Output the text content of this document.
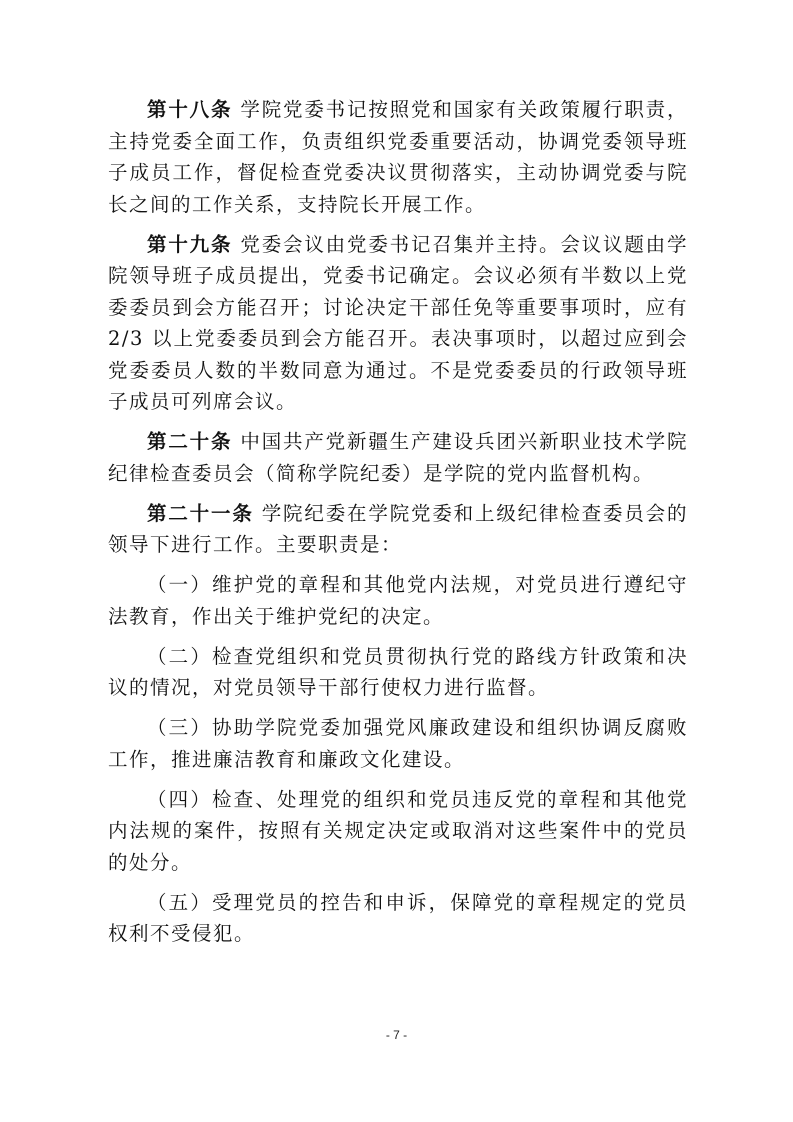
第十八条 学院党委书记按照党和国家有关政策履行职责，主持党委全面工作，负责组织党委重要活动，协调党委领导班子成员工作，督促检查党委决议贯彻落实，主动协调党委与院长之间的工作关系，支持院长开展工作。

第十九条 党委会议由党委书记召集并主持。会议议题由学院领导班子成员提出，党委书记确定。会议必须有半数以上党委委员到会方能召开；讨论决定干部任免等重要事项时，应有 2/3 以上党委委员到会方能召开。表决事项时，以超过应到会党委委员人数的半数同意为通过。不是党委委员的行政领导班子成员可列席会议。

第二十条 中国共产党新疆生产建设兵团兴新职业技术学院纪律检查委员会（简称学院纪委）是学院的党内监督机构。

第二十一条 学院纪委在学院党委和上级纪律检查委员会的领导下进行工作。主要职责是：

（一）维护党的章程和其他党内法规，对党员进行遵纪守法教育，作出关于维护党纪的决定。

（二）检查党组织和党员贯彻执行党的路线方针政策和决议的情况，对党员领导干部行使权力进行监督。

（三）协助学院党委加强党风廉政建设和组织协调反腐败工作，推进廉洁教育和廉政文化建设。

（四）检查、处理党的组织和党员违反党的章程和其他党内法规的案件，按照有关规定决定或取消对这些案件中的党员的处分。

（五）受理党员的控告和申诉，保障党的章程规定的党员权利不受侵犯。

- 7 -
